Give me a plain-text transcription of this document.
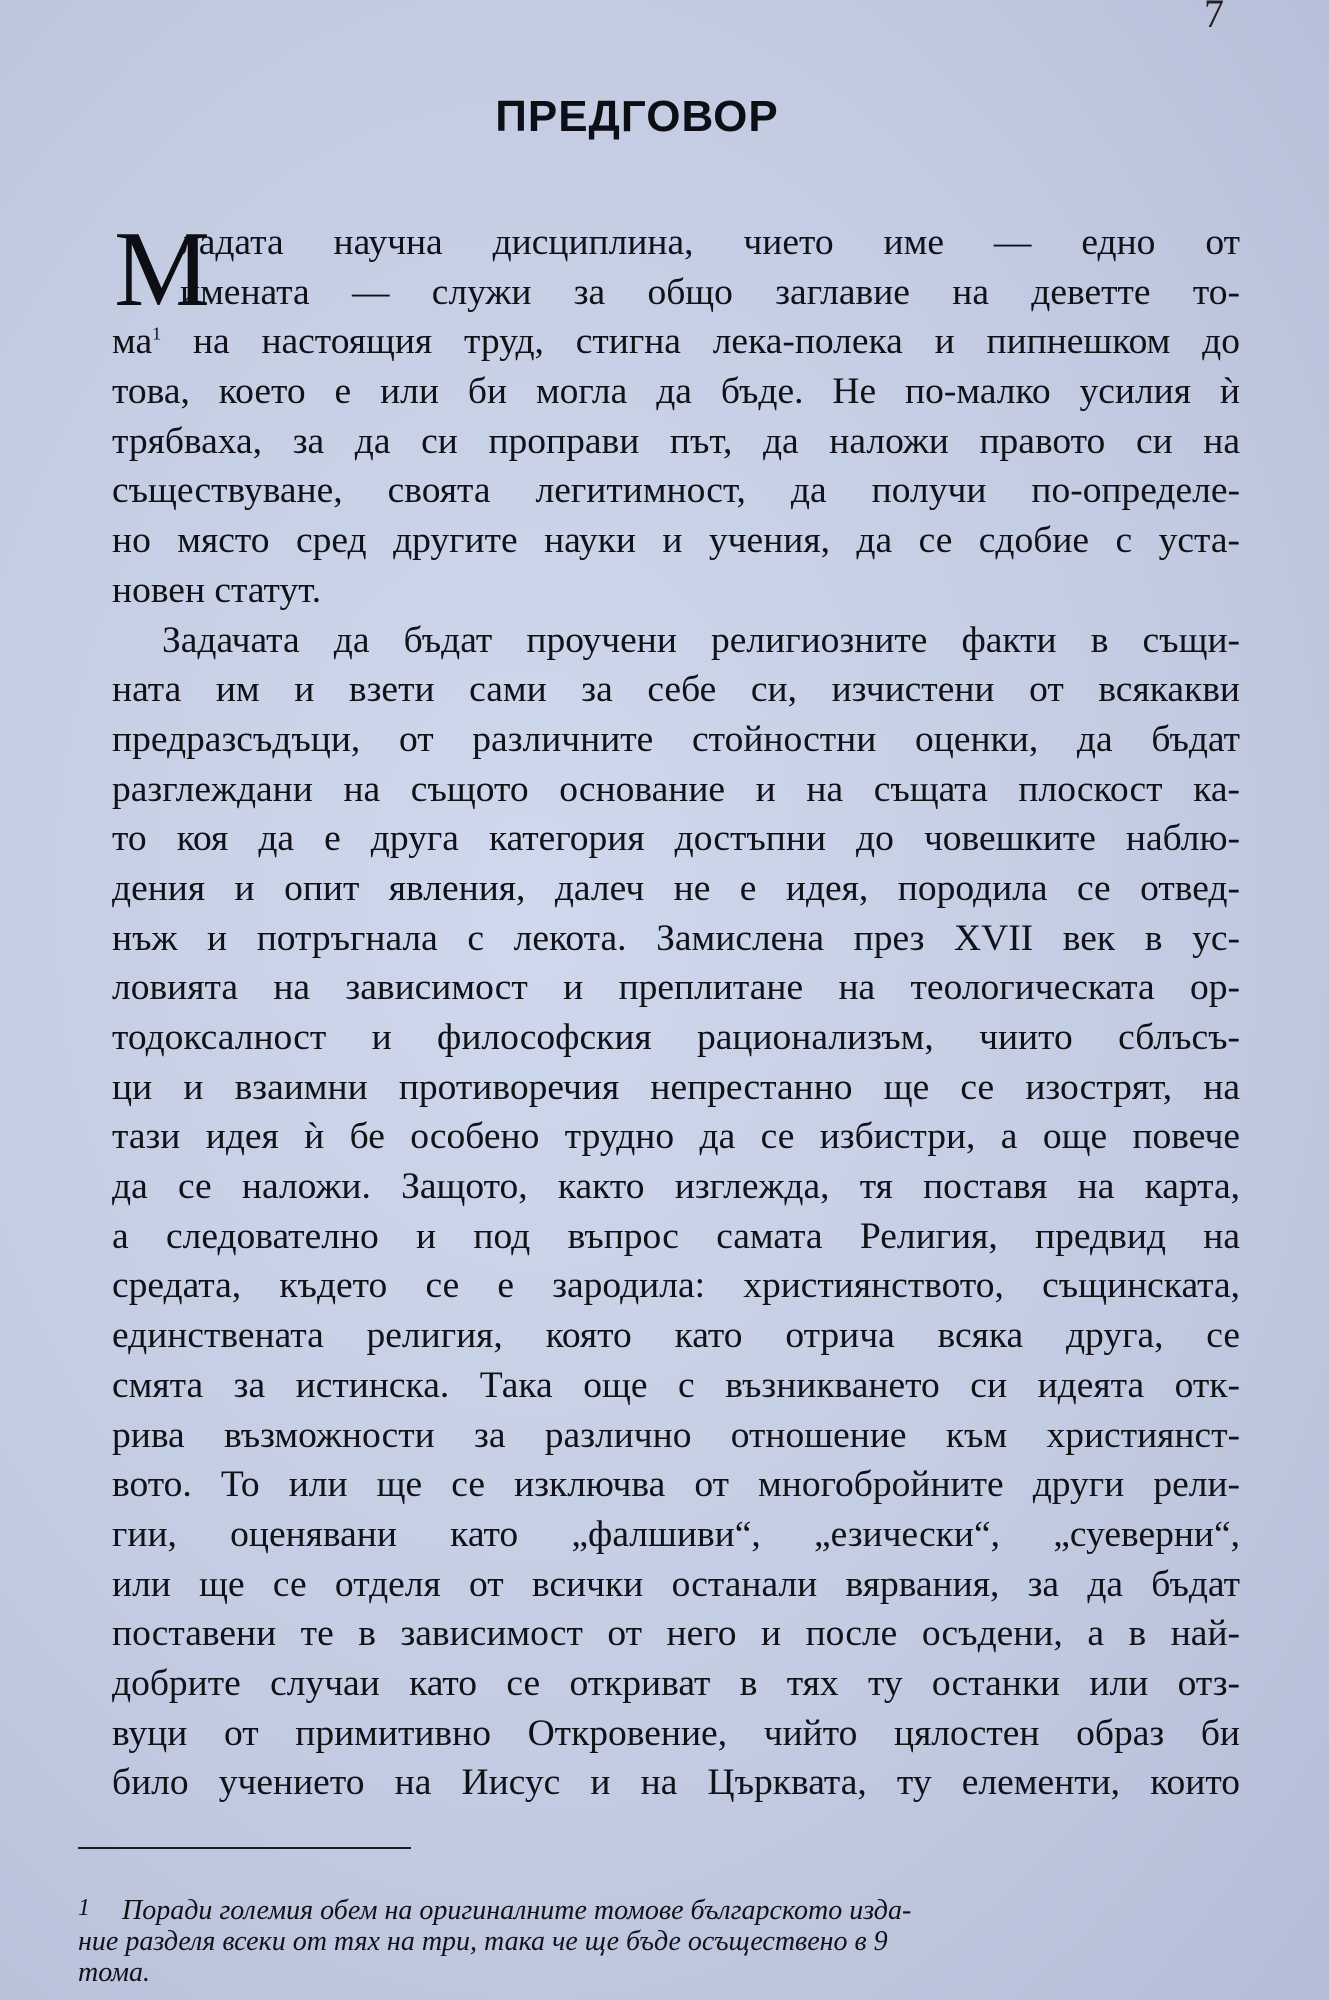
7
ПРЕДГОВОР
М
ладата научна дисциплина, чието име — едно от
имената — служи за общо заглавие на деветте то-
$ма^1$ на настоящия труд, стигна лека-полека и пипнешком до
това, което е или би могла да бъде. Не по-малко усилия ѝ
трябваха, за да си проправи път, да наложи правото си на
съществуване, своята легитимност, да получи по-определе-
но място сред другите науки и учения, да се сдобие с уста-
новен статут.
Задачата да бъдат проучени религиозните факти в същи-
ната им и взети сами за себе си, изчистени от всякакви
предразсъдъци, от различните стойностни оценки, да бъдат
разглеждани на същото основание и на същата плоскост ка-
то коя да е друга категория достъпни до човешките наблю-
дения и опит явления, далеч не е идея, породила се отвед-
нъж и потръгнала с лекота. Замислена през XVII век в ус-
ловията на зависимост и преплитане на теологическата ор-
тодоксалност и философския рационализъм, чиито сблъсъ-
ци и взаимни противоречия непрестанно ще се изострят, на
тази идея ѝ бе особено трудно да се избистри, а още повече
да се наложи. Защото, както изглежда, тя поставя на карта,
а следователно и под въпрос самата Религия, предвид на
средата, където се е зародила: християнството, същинската,
единствената религия, която като отрича всяка друга, се
смята за истинска. Така още с възникването си идеята отк-
рива възможности за различно отношение към християнст-
вото. То или ще се изключва от многобройните други рели-
гии, оценявани като „фалшиви“, „езически“, „суеверни“,
или ще се отделя от всички останали вярвания, за да бъдат
поставени те в зависимост от него и после осъдени, а в най-
добрите случаи като се откриват в тях ту останки или отз-
вуци от примитивно Откровение, чийто цялостен образ би
било учението на Иисус и на Църквата, ту елементи, които
1	Поради големия обем на оригиналните томове българското изда-
ние разделя всеки от тях на три, така че ще бъде осъществено в 9
тома.
